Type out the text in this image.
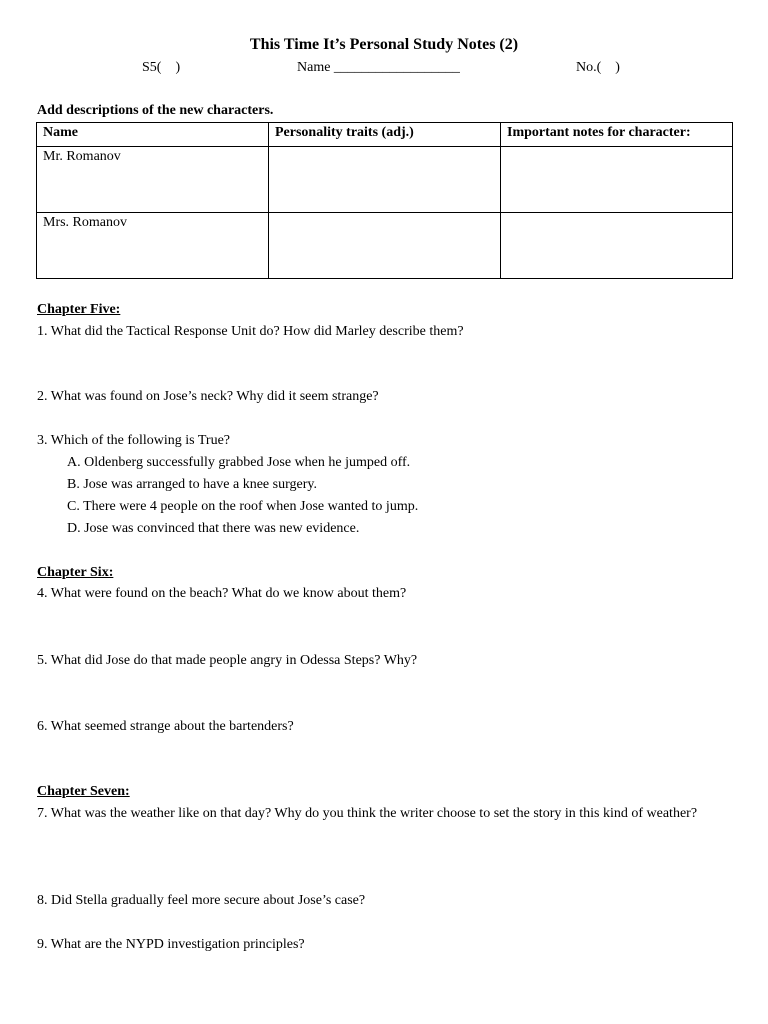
This Time It’s Personal Study Notes (2)
S5(    )	Name __________________	No.(    )
Add descriptions of the new characters.
Name	Personality traits (adj.)	Important notes for character:
Mr. Romanov		
Mrs. Romanov		
Chapter Five:
1. What did the Tactical Response Unit do? How did Marley describe them?
2. What was found on Jose’s neck? Why did it seem strange?
3. Which of the following is True?
A. Oldenberg successfully grabbed Jose when he jumped off.
B. Jose was arranged to have a knee surgery.
C. There were 4 people on the roof when Jose wanted to jump.
D. Jose was convinced that there was new evidence.
Chapter Six:
4. What were found on the beach? What do we know about them?
5. What did Jose do that made people angry in Odessa Steps? Why?
6. What seemed strange about the bartenders?
Chapter Seven:
7. What was the weather like on that day? Why do you think the writer choose to set the story in this kind of weather?
8. Did Stella gradually feel more secure about Jose’s case?
9. What are the NYPD investigation principles?
